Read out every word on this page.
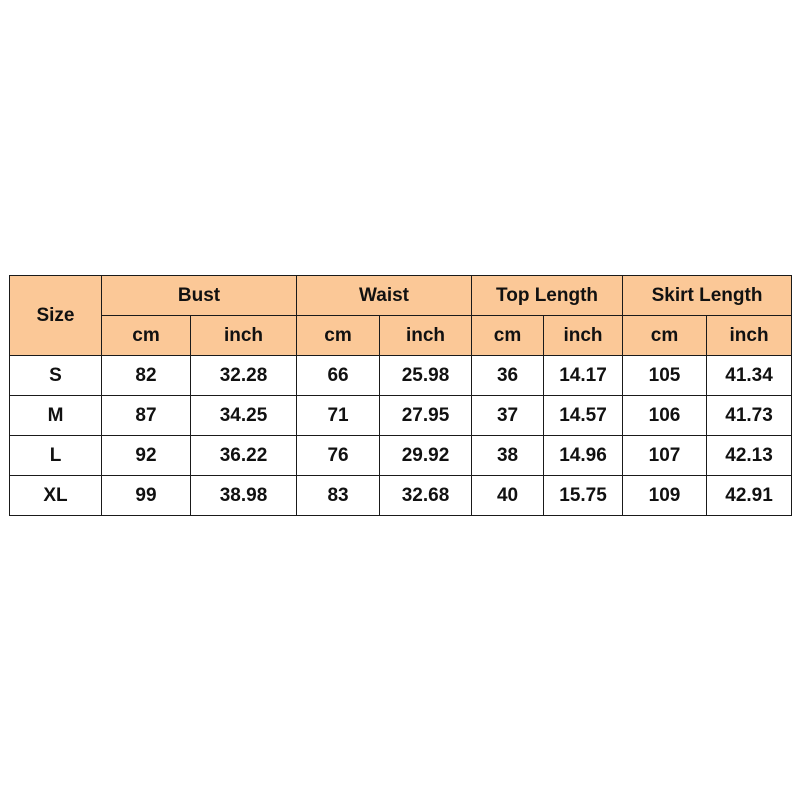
Size	Bust		Waist		Top Length		Skirt Length	
	cm	inch	cm	inch	cm	inch	cm	inch
S	82	32.28	66	25.98	36	14.17	105	41.34
M	87	34.25	71	27.95	37	14.57	106	41.73
L	92	36.22	76	29.92	38	14.96	107	42.13
XL	99	38.98	83	32.68	40	15.75	109	42.91
